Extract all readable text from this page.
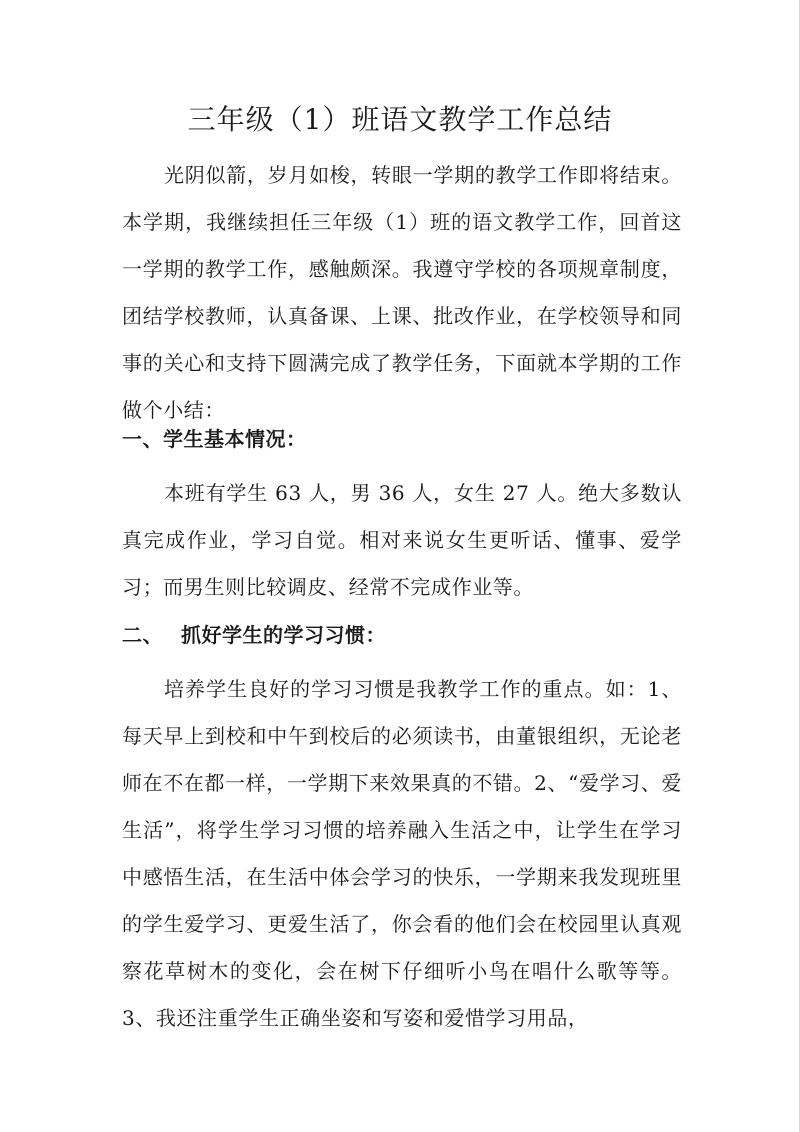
三年级（1）班语文教学工作总结

光阴似箭，岁月如梭，转眼一学期的教学工作即将结束。本学期，我继续担任三年级（1）班的语文教学工作，回首这一学期的教学工作，感触颇深。我遵守学校的各项规章制度，团结学校教师，认真备课、上课、批改作业，在学校领导和同事的关心和支持下圆满完成了教学任务，下面就本学期的工作做个小结：

一、学生基本情况：

本班有学生 63 人，男 36 人，女生 27 人。绝大多数认真完成作业，学习自觉。相对来说女生更听话、懂事、爱学习；而男生则比较调皮、经常不完成作业等。

二、 抓好学生的学习习惯：

培养学生良好的学习习惯是我教学工作的重点。如：1、每天早上到校和中午到校后的必须读书，由董银组织，无论老师在不在都一样，一学期下来效果真的不错。2、“爱学习、爱生活”，将学生学习习惯的培养融入生活之中，让学生在学习中感悟生活，在生活中体会学习的快乐，一学期来我发现班里的学生爱学习、更爱生活了，你会看的他们会在校园里认真观察花草树木的变化，会在树下仔细听小鸟在唱什么歌等等。3、我还注重学生正确坐姿和写姿和爱惜学习用品，
